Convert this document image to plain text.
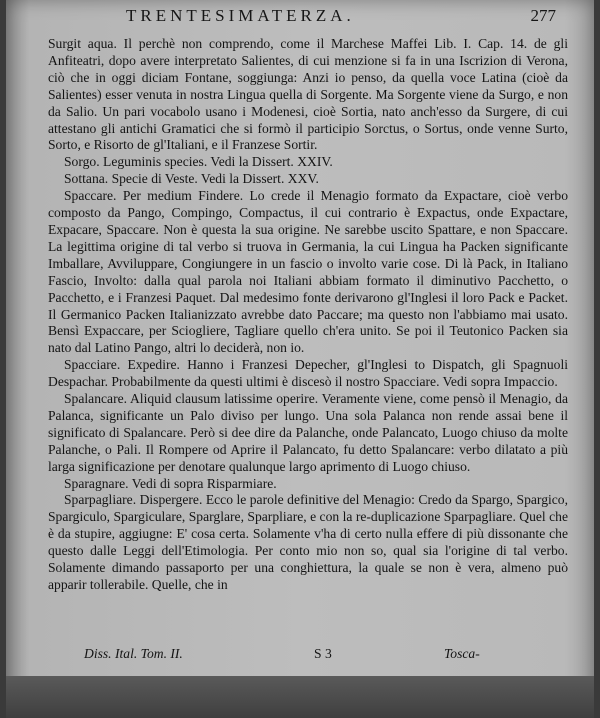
TRENTESIMATERZA.	277

Surgit aqua. Il perchè non comprendo, come il Marchese Maffei Lib. I. Cap. 14. de gli Anfiteatri, dopo avere interpretato Salientes, di cui menzione si fa in una Iscrizion di Verona, ciò che in oggi diciam Fontane, soggiunga: Anzi io penso, da quella voce Latina (cioè da Salientes) esser venuta in nostra Lingua quella di Sorgente. Ma Sorgente viene da Surgo, e non da Salio. Un pari vocabolo usano i Modenesi, cioè Sortia, nato anch'esso da Surgere, di cui attestano gli antichi Gramatici che si formò il participio Sorctus, o Sortus, onde venne Surto, Sorto, e Risorto de gl'Italiani, e il Franzese Sortir.

Sorgo. Leguminis species. Vedi la Dissert. XXIV.

Sottana. Specie di Veste. Vedi la Dissert. XXV.

Spaccare. Per medium Findere. Lo crede il Menagio formato da Expactare, cioè verbo composto da Pango, Compingo, Compactus, il cui contrario è Expactus, onde Expactare, Expacare, Spaccare. Non è questa la sua origine. Ne sarebbe uscito Spattare, e non Spaccare. La legittima origine di tal verbo si truova in Germania, la cui Lingua ha Packen significante Imballare, Avviluppare, Congiungere in un fascio o involto varie cose. Di là Pack, in Italiano Fascio, Involto: dalla qual parola noi Italiani abbiam formato il diminutivo Pacchetto, o Pacchetto, e i Franzesi Paquet. Dal medesimo fonte derivarono gl'Inglesi il loro Pack e Packet. Il Germanico Packen Italianizzato avrebbe dato Paccare; ma questo non l'abbiamo mai usato. Bensì Expaccare, per Sciogliere, Tagliare quello ch'era unito. Se poi il Teutonico Packen sia nato dal Latino Pango, altri lo deciderà, non io.

Spacciare. Expedire. Hanno i Franzesi Depecher, gl'Inglesi to Dispatch, gli Spagnuoli Despachar. Probabilmente da questi ultimi è discesò il nostro Spacciare. Vedi sopra Impaccio.

Spalancare. Aliquid clausum latissime operire. Veramente viene, come pensò il Menagio, da Palanca, significante un Palo diviso per lungo. Una sola Palanca non rende assai bene il significato di Spalancare. Però si dee dire da Palanche, onde Palancato, Luogo chiuso da molte Palanche, o Pali. Il Rompere od Aprire il Palancato, fu detto Spalancare: verbo dilatato a più larga significazione per denotare qualunque largo aprimento di Luogo chiuso.

Sparagnare. Vedi di sopra Risparmiare.

Sparpagliare. Dispergere. Ecco le parole definitive del Menagio: Credo da Spargo, Spargico, Spargiculo, Spargiculare, Sparglare, Sparpliare, e con la re-duplicazione Sparpagliare. Quel che è da stupire, aggiugne: E' cosa certa. Solamente v'ha di certo nulla effere di più dissonante che questo dalle Leggi dell'Etimologia. Per conto mio non so, qual sia l'origine di tal verbo. Solamente dimando passaporto per una conghiettura, la quale se non è vera, almeno può apparir tollerabile. Quelle, che in

Diss. Ital. Tom. II.	S 3	Tosca-
